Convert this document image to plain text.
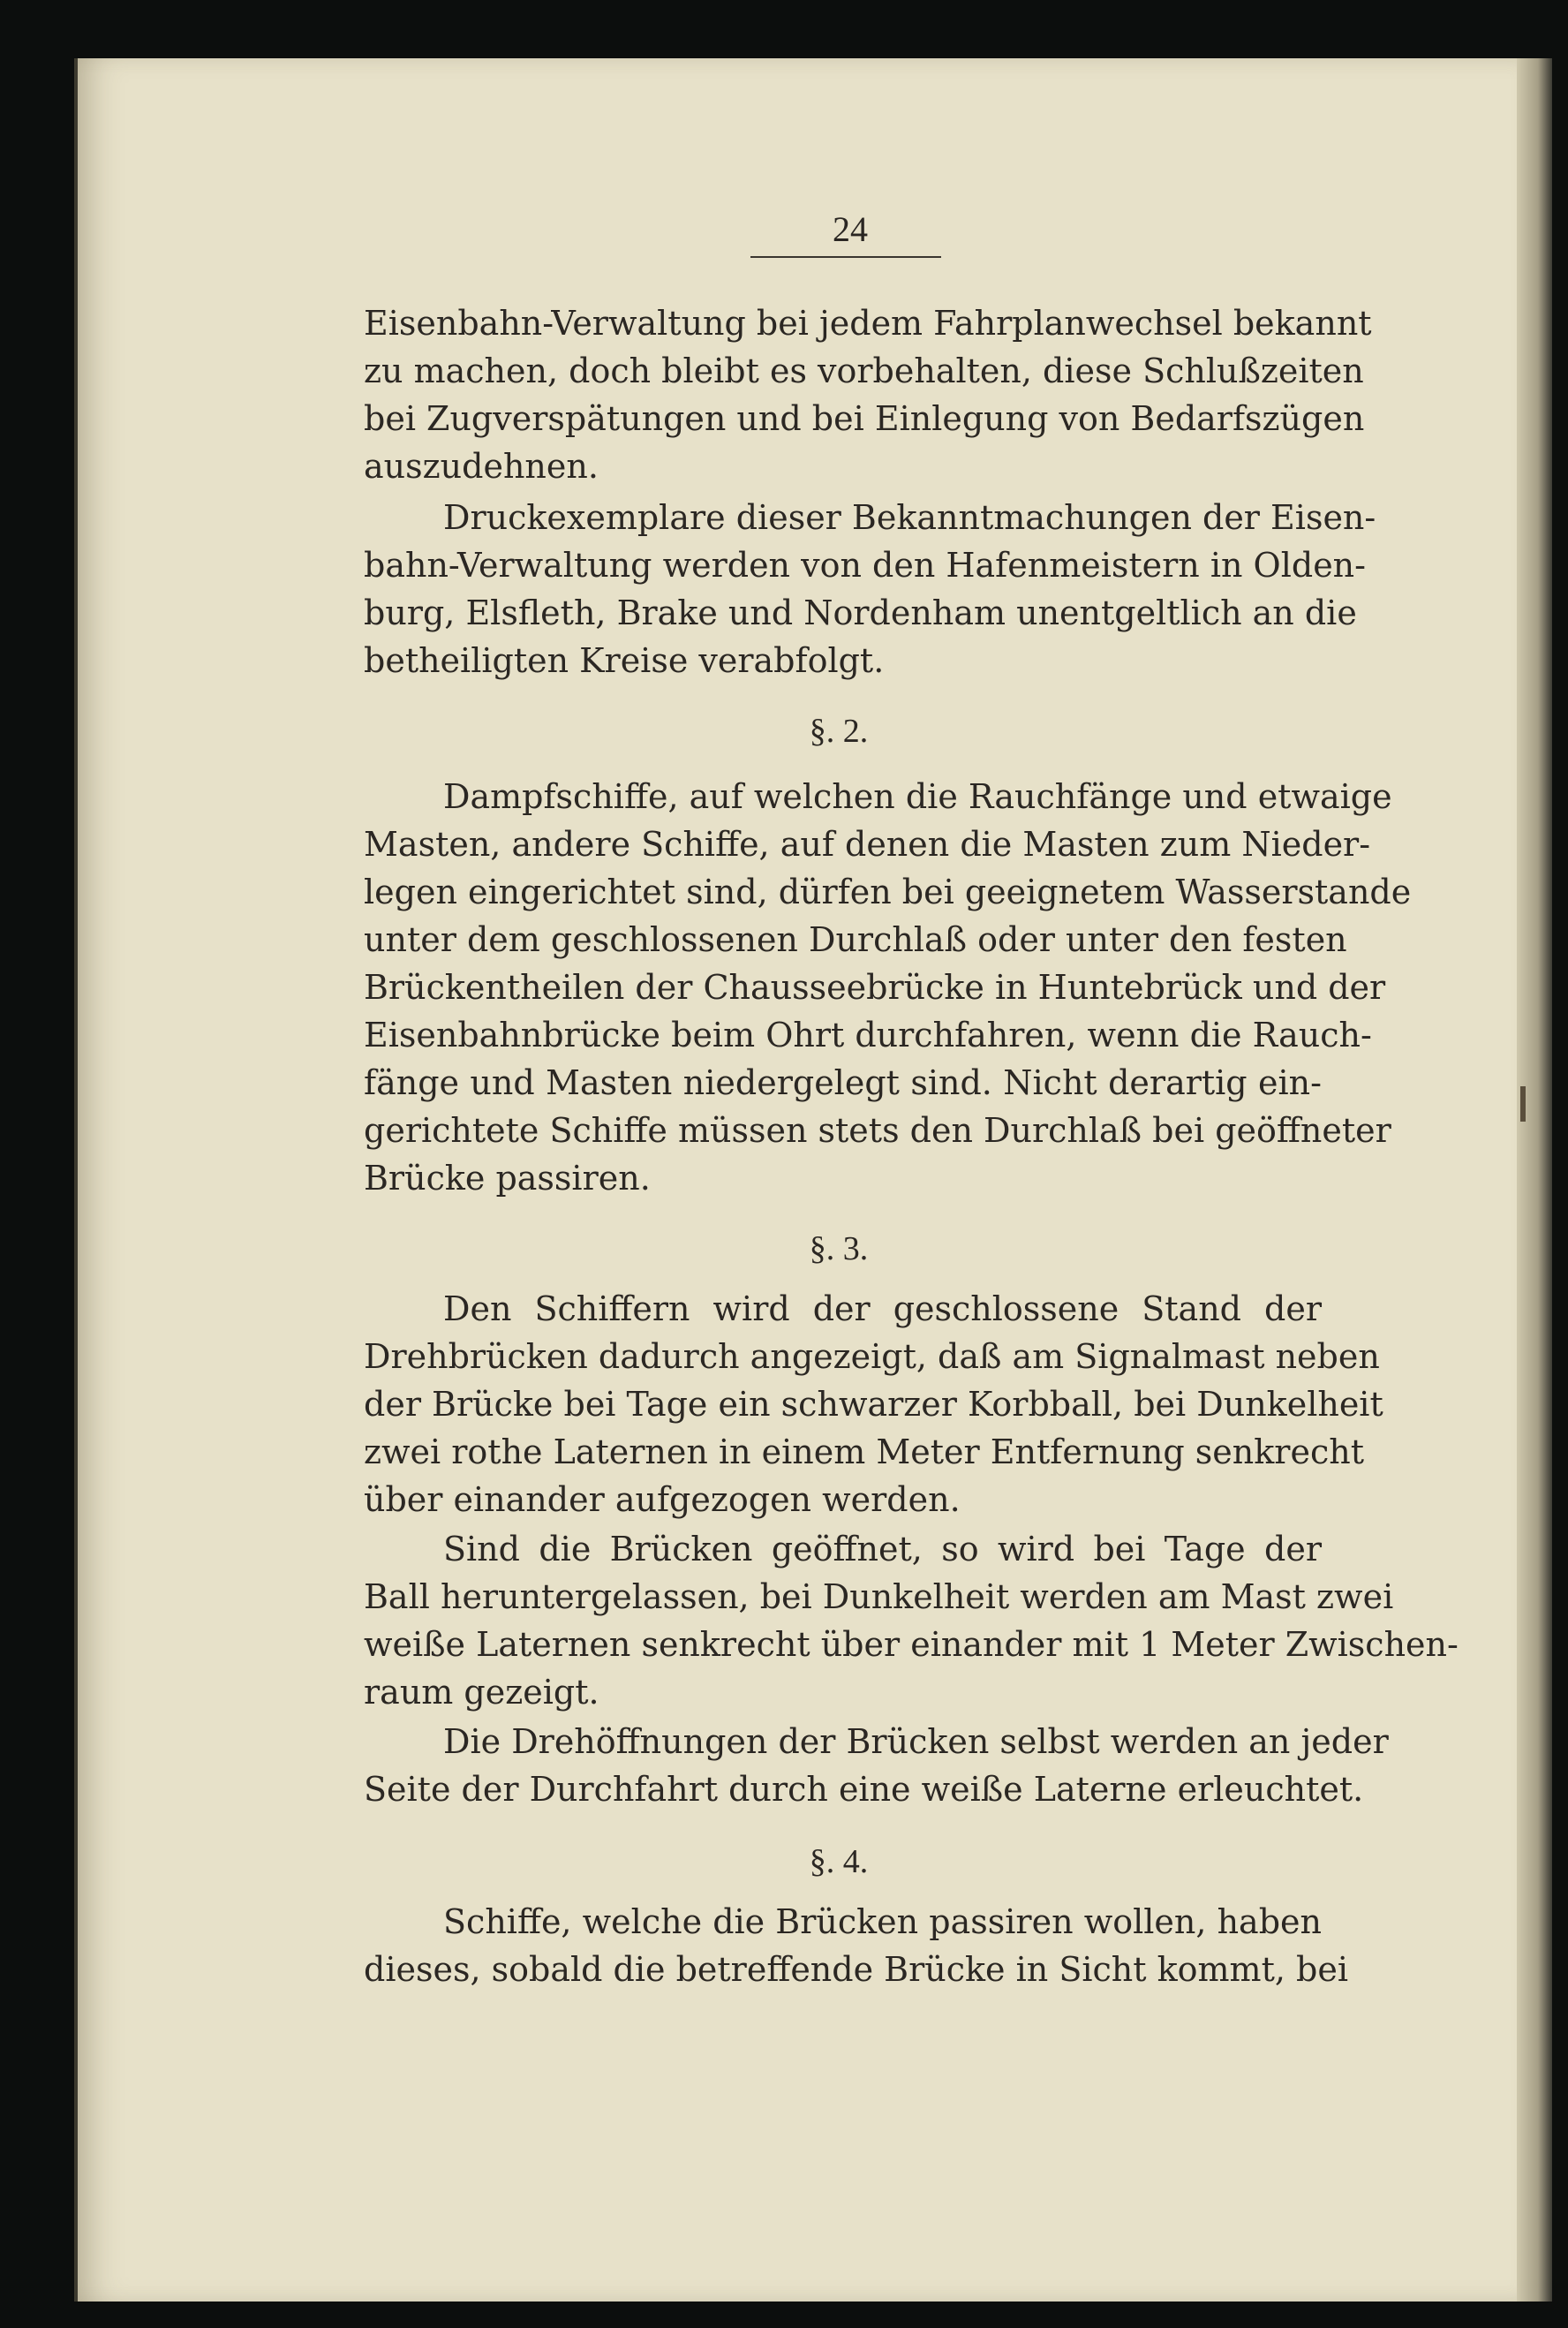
24
Eisenbahn-Verwaltung bei jedem Fahrplanwechsel bekannt
zu machen, doch bleibt es vorbehalten, diese Schlußzeiten
bei Zugverspätungen und bei Einlegung von Bedarfszügen
auszudehnen.
Druckexemplare dieser Bekanntmachungen der Eisen-
bahn-Verwaltung werden von den Hafenmeistern in Olden-
burg, Elsfleth, Brake und Nordenham unentgeltlich an die
betheiligten Kreise verabfolgt.
§. 2.
Dampfschiffe, auf welchen die Rauchfänge und etwaige
Masten, andere Schiffe, auf denen die Masten zum Nieder-
legen eingerichtet sind, dürfen bei geeignetem Wasserstande
unter dem geschlossenen Durchlaß oder unter den festen
Brückentheilen der Chausseebrücke in Huntebrück und der
Eisenbahnbrücke beim Ohrt durchfahren, wenn die Rauch-
fänge und Masten niedergelegt sind. Nicht derartig ein-
gerichtete Schiffe müssen stets den Durchlaß bei geöffneter
Brücke passiren.
§. 3.
Den Schiffern wird der geschlossene Stand der
Drehbrücken dadurch angezeigt, daß am Signalmast neben
der Brücke bei Tage ein schwarzer Korbball, bei Dunkelheit
zwei rothe Laternen in einem Meter Entfernung senkrecht
über einander aufgezogen werden.
Sind die Brücken geöffnet, so wird bei Tage der
Ball heruntergelassen, bei Dunkelheit werden am Mast zwei
weiße Laternen senkrecht über einander mit 1 Meter Zwischen-
raum gezeigt.
Die Drehöffnungen der Brücken selbst werden an jeder
Seite der Durchfahrt durch eine weiße Laterne erleuchtet.
§. 4.
Schiffe, welche die Brücken passiren wollen, haben
dieses, sobald die betreffende Brücke in Sicht kommt, bei
